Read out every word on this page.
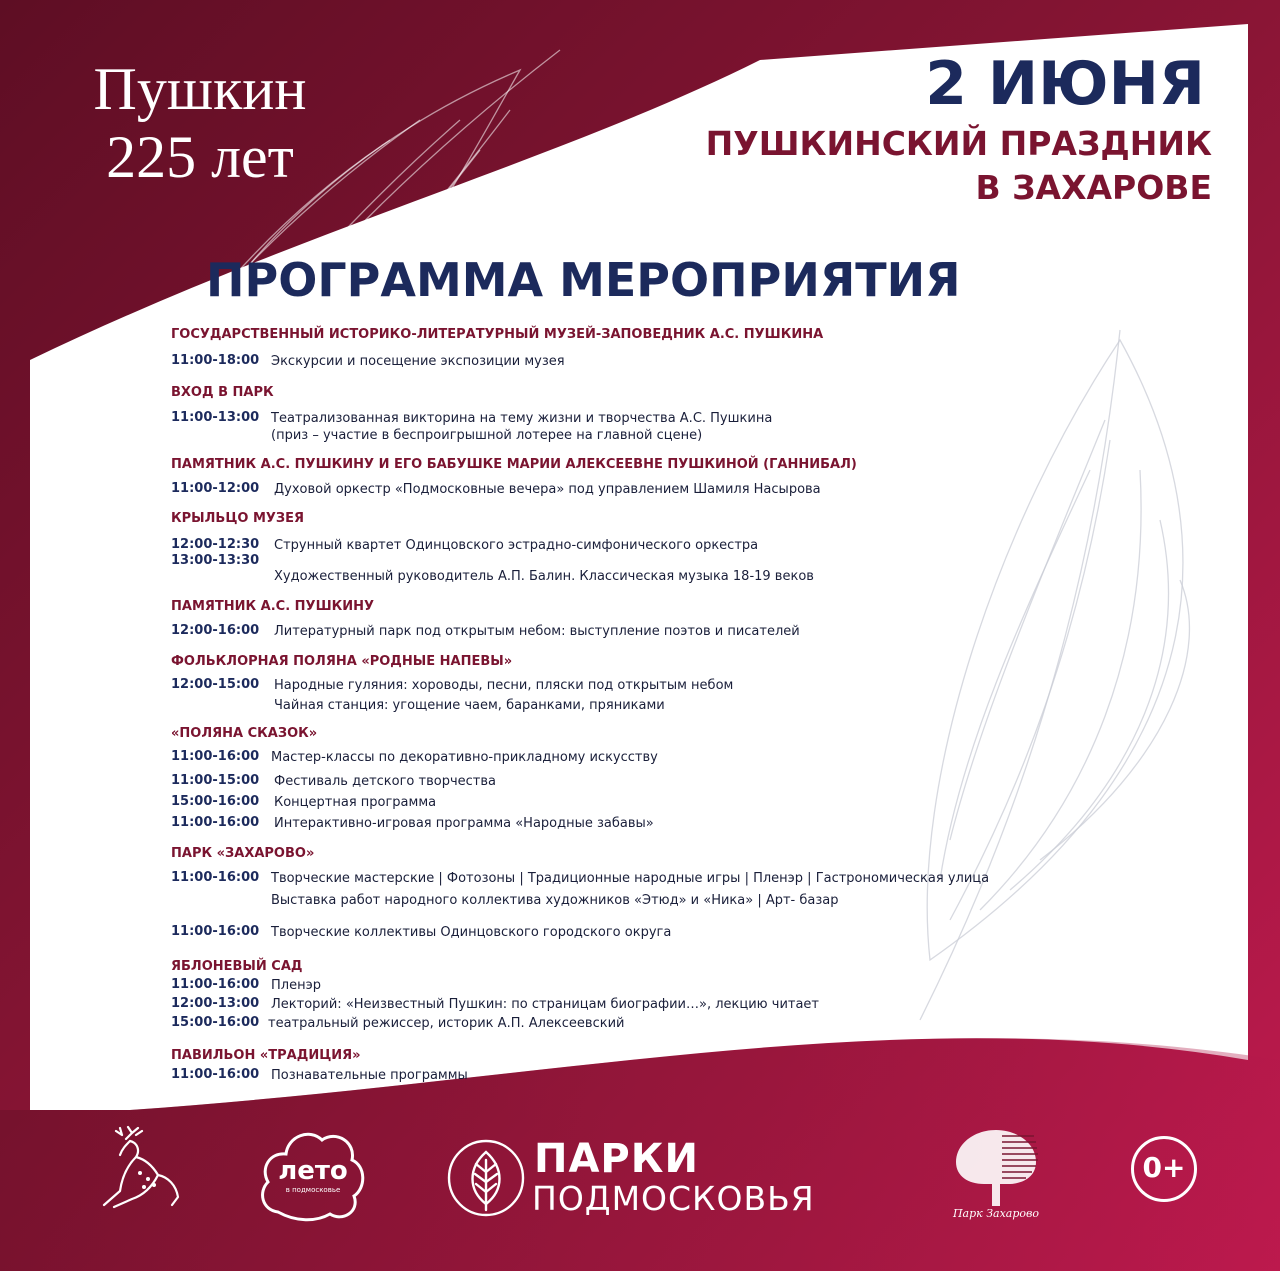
Пушкин
225 лет
2 ИЮНЯ
ПУШКИНСКИЙ ПРАЗДНИК
В ЗАХАРОВЕ
ПРОГРАММА МЕРОПРИЯТИЯ
ГОСУДАРСТВЕННЫЙ ИСТОРИКО-ЛИТЕРАТУРНЫЙ МУЗЕЙ-ЗАПОВЕДНИК А.С. ПУШКИНА
11:00-18:00 Экскурсии и посещение экспозиции музея
ВХОД В ПАРК
11:00-13:00 Театрализованная викторина на тему жизни и творчества А.С. Пушкина
(приз – участие в беспроигрышной лотерее на главной сцене)
ПАМЯТНИК А.С. ПУШКИНУ И ЕГО БАБУШКЕ МАРИИ АЛЕКСЕЕВНЕ ПУШКИНОЙ (ГАННИБАЛ)
11:00-12:00 Духовой оркестр «Подмосковные вечера» под управлением Шамиля Насырова
КРЫЛЬЦО МУЗЕЯ
12:00-12:30
13:00-13:30
Струнный квартет Одинцовского эстрадно-симфонического оркестра
Художественный руководитель А.П. Балин. Классическая музыка 18-19 веков
ПАМЯТНИК А.С. ПУШКИНУ
12:00-16:00 Литературный парк под открытым небом: выступление поэтов и писателей
ФОЛЬКЛОРНАЯ ПОЛЯНА «РОДНЫЕ НАПЕВЫ»
12:00-15:00 Народные гуляния: хороводы, песни, пляски под открытым небом
Чайная станция: угощение чаем, баранками, пряниками
«ПОЛЯНА СКАЗОК»
11:00-16:00 Мастер-классы по декоративно-прикладному искусству
11:00-15:00 Фестиваль детского творчества
15:00-16:00 Концертная программа
11:00-16:00 Интерактивно-игровая программа «Народные забавы»
ПАРК «ЗАХАРОВО»
11:00-16:00 Творческие мастерские | Фотозоны | Традиционные народные игры | Пленэр | Гастрономическая улица
Выставка работ народного коллектива художников «Этюд» и «Ника» | Арт- базар
11:00-16:00 Творческие коллективы Одинцовского городского округа
ЯБЛОНЕВЫЙ САД
11:00-16:00 Пленэр
12:00-13:00 Лекторий: «Неизвестный Пушкин: по страницам биографии…», лекцию читает
15:00-16:00 театральный режиссер, историк А.П. Алексеевский
ПАВИЛЬОН «ТРАДИЦИЯ»
11:00-16:00 Познавательные программы
лето
в подмосковье
ПАРКИ
ПОДМОСКОВЬЯ	Парк Захарово
0+
